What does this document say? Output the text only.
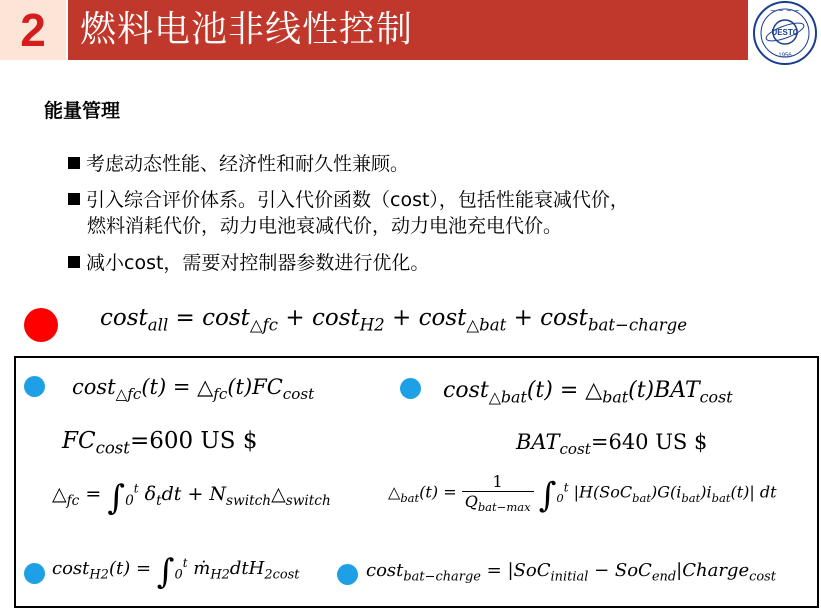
2 燃料电池非线性控制	UESTC
1956
~ ~ ~ ~
能量管理
考虑动态性能、经济性和耐久性兼顾。
引入综合评价体系。引入代价函数（cost），包括性能衰减代价，
燃料消耗代价，动力电池衰减代价，动力电池充电代价。
减小cost，需要对控制器参数进行优化。
cost$_{all}$ = cost$_{\triangle fc}$ + cost$_{H2}$ + cost$_{\triangle bat}$ + cost$_{bat-charge}$
$\cos t_{\triangle fc}(t) = \triangle_{fc}(t)FC_{cost}$	$\cos t_{\triangle bat}(t) = \triangle_{bat}(t)BAT_{cost}$
$FC_{cost}=600$ US $	$BAT_{cost}=640$ US $
$\triangle_{fc} = \int_0^t$ $\delta_tdt$ + $N_{switch}\triangle_{switch}$	$\triangle_{bat}(t) = \frac{1}{Q_{bat-max}} \int_0^t$ $|H(SoC_{bat})G(i_{bat})i_{bat}(t)|$ dt
$\cos t_{H2}(t) = \int_0^t$ ṁ$_{H2}$dtH$_{2cost}$	cost$_{bat-charge}$ = |SoC$_{initial}$ − SoC$_{end}$|Charge$_{cost}$
